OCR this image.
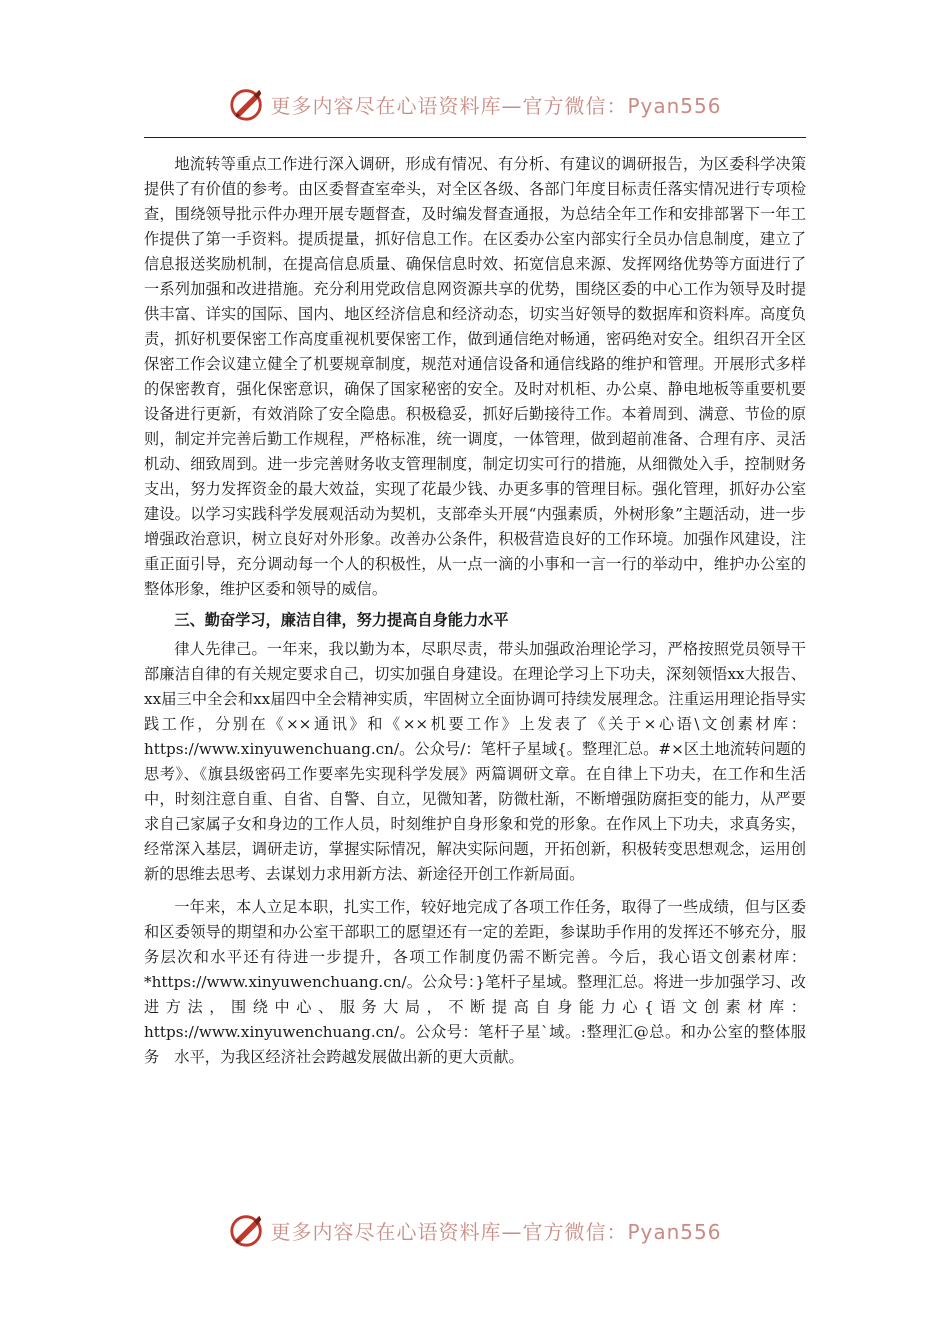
更多内容尽在心语资料库—官方微信：Pyan556

地流转等重点工作进行深入调研，形成有情况、有分析、有建议的调研报告，为区委科学决策提供了有价值的参考。由区委督查室牵头，对全区各级、各部门年度目标责任落实情况进行专项检查，围绕领导批示件办理开展专题督查，及时编发督查通报，为总结全年工作和安排部署下一年工作提供了第一手资料。提质提量，抓好信息工作。在区委办公室内部实行全员办信息制度，建立了信息报送奖励机制，在提高信息质量、确保信息时效、拓宽信息来源、发挥网络优势等方面进行了一系列加强和改进措施。充分利用党政信息网资源共享的优势，围绕区委的中心工作为领导及时提供丰富、详实的国际、国内、地区经济信息和经济动态，切实当好领导的数据库和资料库。高度负责，抓好机要保密工作高度重视机要保密工作，做到通信绝对畅通，密码绝对安全。组织召开全区保密工作会议建立健全了机要规章制度，规范对通信设备和通信线路的维护和管理。开展形式多样的保密教育，强化保密意识，确保了国家秘密的安全。及时对机柜、办公桌、静电地板等重要机要设备进行更新，有效消除了安全隐患。积极稳妥，抓好后勤接待工作。本着周到、满意、节俭的原则，制定并完善后勤工作规程，严格标准，统一调度，一体管理，做到超前准备、合理有序、灵活机动、细致周到。进一步完善财务收支管理制度，制定切实可行的措施，从细微处入手，控制财务支出，努力发挥资金的最大效益，实现了花最少钱、办更多事的管理目标。强化管理，抓好办公室建设。以学习实践科学发展观活动为契机，支部牵头开展“内强素质，外树形象”主题活动，进一步增强政治意识，树立良好对外形象。改善办公条件，积极营造良好的工作环境。加强作风建设，注重正面引导，充分调动每一个人的积极性，从一点一滴的小事和一言一行的举动中，维护办公室的整体形象，维护区委和领导的威信。

三、勤奋学习，廉洁自律，努力提高自身能力水平

律人先律己。一年来，我以勤为本，尽职尽责，带头加强政治理论学习，严格按照党员领导干部廉洁自律的有关规定要求自己，切实加强自身建设。在理论学习上下功夫，深刻领悟xx大报告、xx届三中全会和xx届四中全会精神实质，牢固树立全面协调可持续发展理念。注重运用理论指导实践工作，分别在《××通讯》和《××机要工作》上发表了《关于×心语\文创素材库：https://www.xinyuwenchuang.cn/。公众号/：笔杆子星域{。整理汇总。#×区土地流转问题的思考》、《旗县级密码工作要率先实现科学发展》两篇调研文章。在自律上下功夫，在工作和生活中，时刻注意自重、自省、自警、自立，见微知著，防微杜渐，不断增强防腐拒变的能力，从严要求自己家属子女和身边的工作人员，时刻维护自身形象和党的形象。在作风上下功夫，求真务实，经常深入基层，调研走访，掌握实际情况，解决实际问题，开拓创新，积极转变思想观念，运用创新的思维去思考、去谋划力求用新方法、新途径开创工作新局面。

一年来，本人立足本职，扎实工作，较好地完成了各项工作任务，取得了一些成绩，但与区委和区委领导的期望和办公室干部职工的愿望还有一定的差距，参谋助手作用的发挥还不够充分，服务层次和水平还有待进一步提升，各项工作制度仍需不断完善。今后，我心语文创素材库：*https://www.xinyuwenchuang.cn/。公众号：}笔杆子星域。整理汇总。将进一步加强学习、改进方法，围绕中心、服务大局，不断提高自身能力心{语文创素材库：https://www.xinyuwenchuang.cn/。公众号：笔杆子星`域。:整理汇@总。和办公室的整体服务　水平，为我区经济社会跨越发展做出新的更大贡献。

更多内容尽在心语资料库—官方微信：Pyan556
